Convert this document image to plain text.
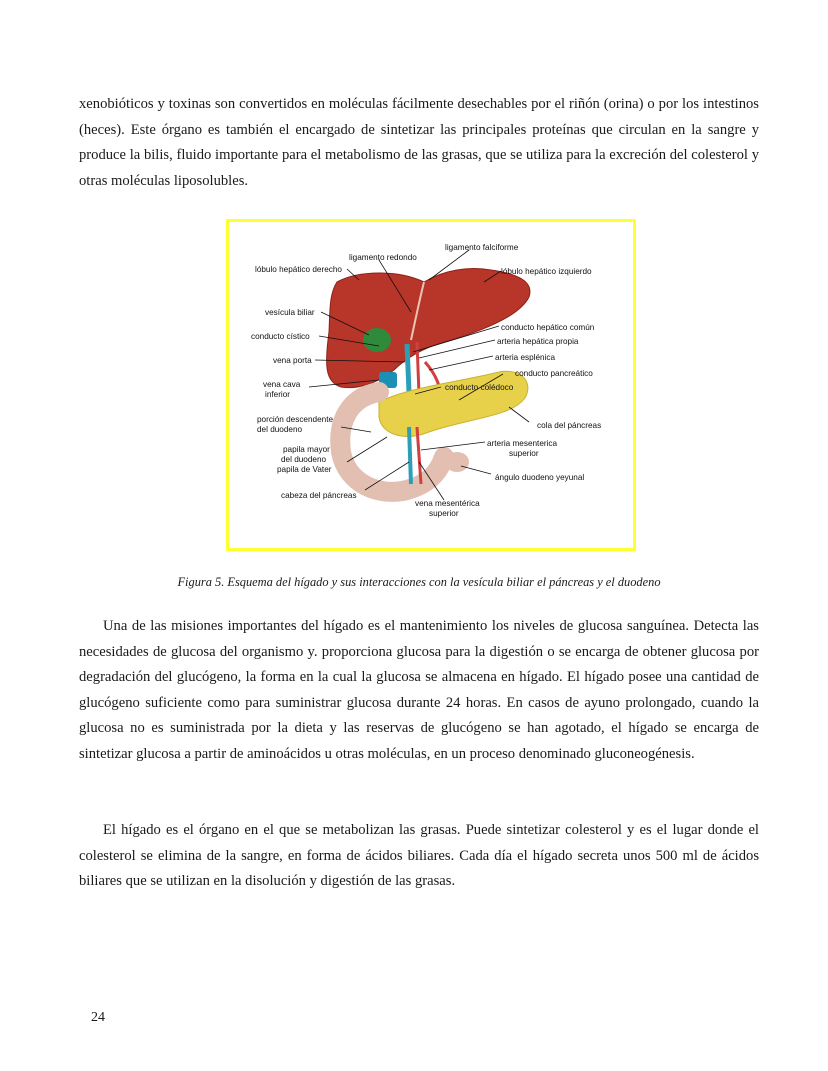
xenobióticos y toxinas son convertidos en moléculas fácilmente desechables por el riñón (orina) o por los intestinos (heces). Este órgano es también el encargado de sintetizar las principales proteínas que circulan en la sangre y produce la bilis, fluido importante para el metabolismo de las grasas, que se utiliza para la excreción del colesterol y otras moléculas liposolubles.

ligamento falciforme
ligamento redondo
lóbulo hepático derecho	lóbulo hepático izquierdo
vesícula biliar
conducto cístico
vena porta
vena cava
inferior
porción descendente
del duodeno
papila mayor
del duodeno
papila de Vater
cabeza del páncreas
conducto hepático común
arteria hepática propia
arteria esplénica
conducto pancreático
conducto colédoco
cola del páncreas
arteria mesenterica
superior
ángulo duodeno yeyunal
vena mesentérica
superior
Figura 5. Esquema del hígado y sus interacciones con la vesícula biliar el páncreas y el duodeno

Una de las misiones importantes del hígado es el mantenimiento los niveles de glucosa sanguínea. Detecta las necesidades de glucosa del organismo y. proporciona glucosa para la digestión o se encarga de obtener glucosa por degradación del glucógeno, la forma en la cual la glucosa se almacena en hígado. El hígado posee una cantidad de glucógeno suficiente como para suministrar glucosa durante 24 horas. En casos de ayuno prolongado, cuando la glucosa no es suministrada por la dieta y las reservas de glucógeno se han agotado, el hígado se encarga de sintetizar glucosa a partir de aminoácidos u otras moléculas, en un proceso denominado gluconeogénesis.

El hígado es el órgano en el que se metabolizan las grasas. Puede sintetizar colesterol y es el lugar donde el colesterol se elimina de la sangre, en forma de ácidos biliares. Cada día el hígado secreta unos 500 ml de ácidos biliares que se utilizan en la disolución y digestión de las grasas.

24
